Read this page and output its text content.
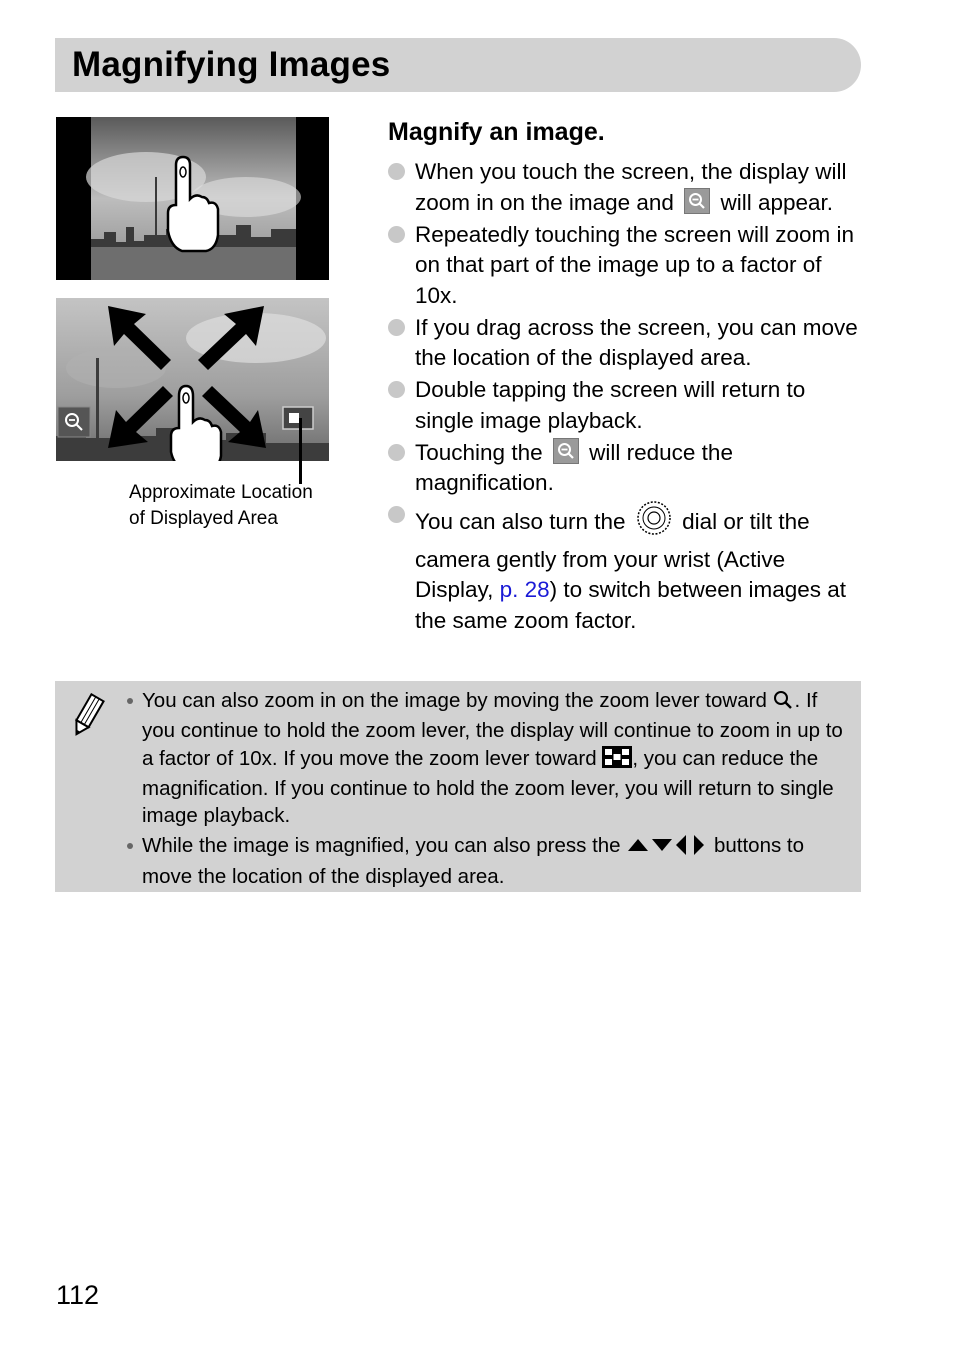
Magnifying Images
Approximate Location
of Displayed Area
Magnify an image.
When you touch the screen, the display will zoom in on the image and will appear.
Repeatedly touching the screen will zoom in on that part of the image up to a factor of 10x.
If you drag across the screen, you can move the location of the displayed area.
Double tapping the screen will return to single image playback.
Touching the will reduce the magnification.
You can also turn the	dial or tilt the camera gently from your wrist (Active Display, p. 28) to switch between images at the same zoom factor.
You can also zoom in on the image by moving the zoom lever toward . If you continue to hold the zoom lever, the display will continue to zoom in up to a factor of 10x. If you move the zoom lever toward , you can reduce the magnification. If you continue to hold the zoom lever, you will return to single image playback.
While the image is magnified, you can also press the	buttons to move the location of the displayed area.
112
